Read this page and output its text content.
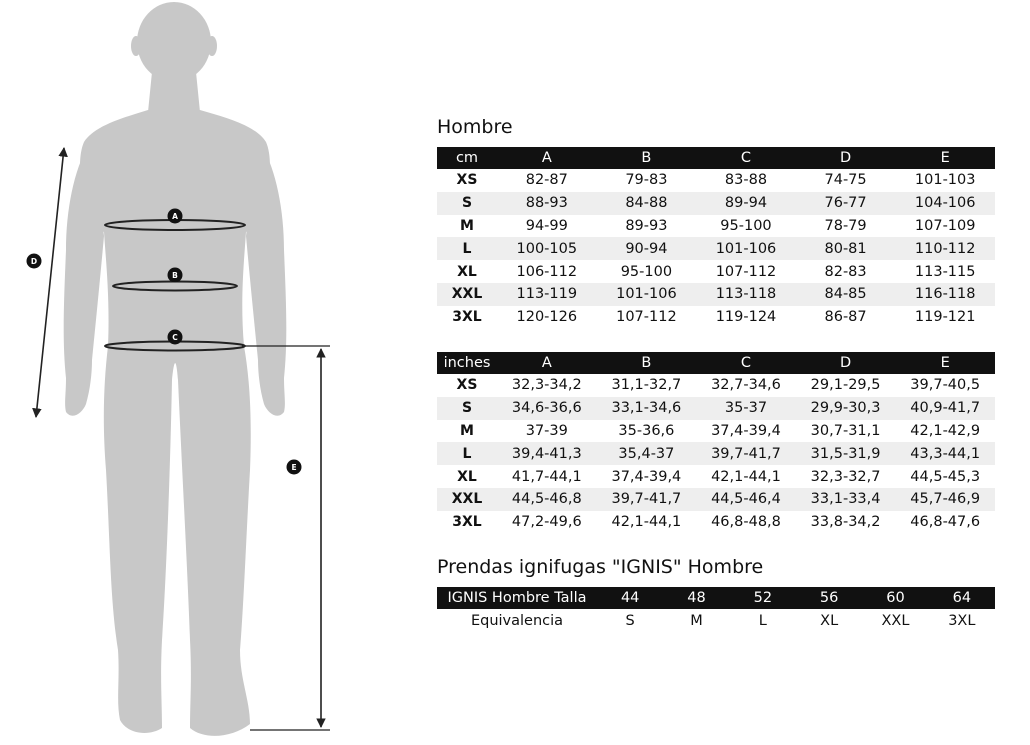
A
B
C
D
E
Hombre
cm	A	B	C	D	E
XS	82-87	79-83	83-88	74-75	101-103
S	88-93	84-88	89-94	76-77	104-106
M	94-99	89-93	95-100	78-79	107-109
L	100-105	90-94	101-106	80-81	110-112
XL	106-112	95-100	107-112	82-83	113-115
XXL	113-119	101-106	113-118	84-85	116-118
3XL	120-126	107-112	119-124	86-87	119-121
inches	A	B	C	D	E
XS	32,3-34,2	31,1-32,7	32,7-34,6	29,1-29,5	39,7-40,5
S	34,6-36,6	33,1-34,6	35-37	29,9-30,3	40,9-41,7
M	37-39	35-36,6	37,4-39,4	30,7-31,1	42,1-42,9
L	39,4-41,3	35,4-37	39,7-41,7	31,5-31,9	43,3-44,1
XL	41,7-44,1	37,4-39,4	42,1-44,1	32,3-32,7	44,5-45,3
XXL	44,5-46,8	39,7-41,7	44,5-46,4	33,1-33,4	45,7-46,9
3XL	47,2-49,6	42,1-44,1	46,8-48,8	33,8-34,2	46,8-47,6
Prendas ignifugas "IGNIS" Hombre
IGNIS Hombre Talla	44	48	52	56	60	64
Equivalencia	S	M	L	XL	XXL	3XL
